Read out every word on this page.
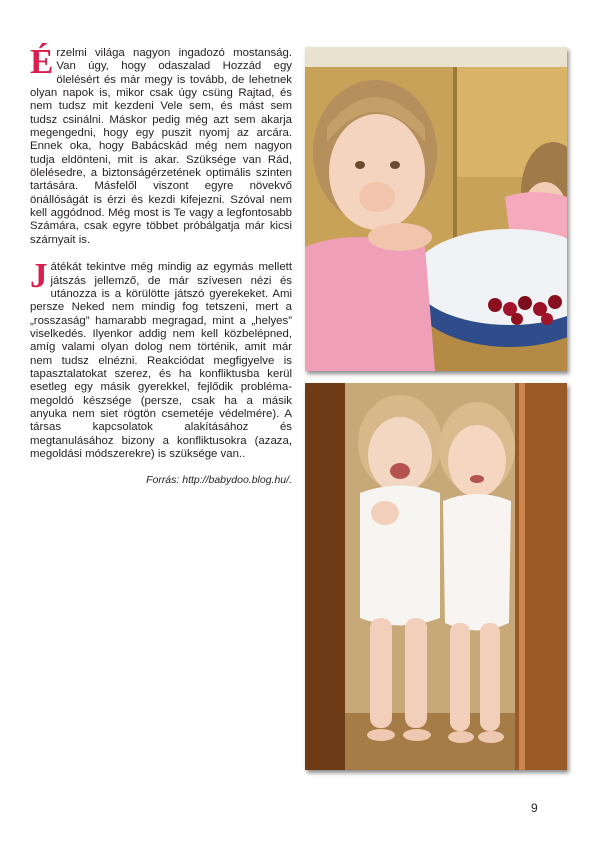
Érzelmi világa nagyon ingadozó mostanság. Van úgy, hogy odaszalad Hozzád egy ölelésért és már megy is tovább, de lehetnek olyan napok is, mikor csak úgy csüng Rajtad, és nem tudsz mit kezdeni Vele sem, és mást sem tudsz csinálni. Máskor pedig még azt sem akarja megengedni, hogy egy puszit nyomj az arcára. Ennek oka, hogy Babácskád még nem nagyon tudja eldönteni, mit is akar. Szüksége van Rád, ölelésedre, a biztonságérzetének optimális szinten tartására. Másfelől viszont egyre növekvő önállóságát is érzi és kezdi kifejezni. Szóval nem kell aggódnod. Még most is Te vagy a legfontosabb Számára, csak egyre többet próbálgatja már kicsi szárnyait is.

Játékát tekintve még mindig az egymás mellett játszás jellemző, de már szívesen nézi és utánozza is a körülötte játszó gyerekeket. Ami persze Neked nem mindig fog tetszeni, mert a „rosszaság” hamarabb megragad, mint a „helyes” viselkedés. Ilyenkor addig nem kell közbelépned, amíg valami olyan dolog nem történik, amit már nem tudsz elnézni. Reakciódat megfigyelve is tapasztalatokat szerez, és ha konfliktusba kerül esetleg egy másik gyerekkel, fejlődik probléma-megoldó készsége (persze, csak ha a másik anyuka nem siet rögtön csemetéje védelmére). A társas kapcsolatok alakításához és megtanulásához bizony a konfliktusokra (azaza, megoldási módszerekre) is szüksége van..

Forrás: http://babydoo.blog.hu/.

9
